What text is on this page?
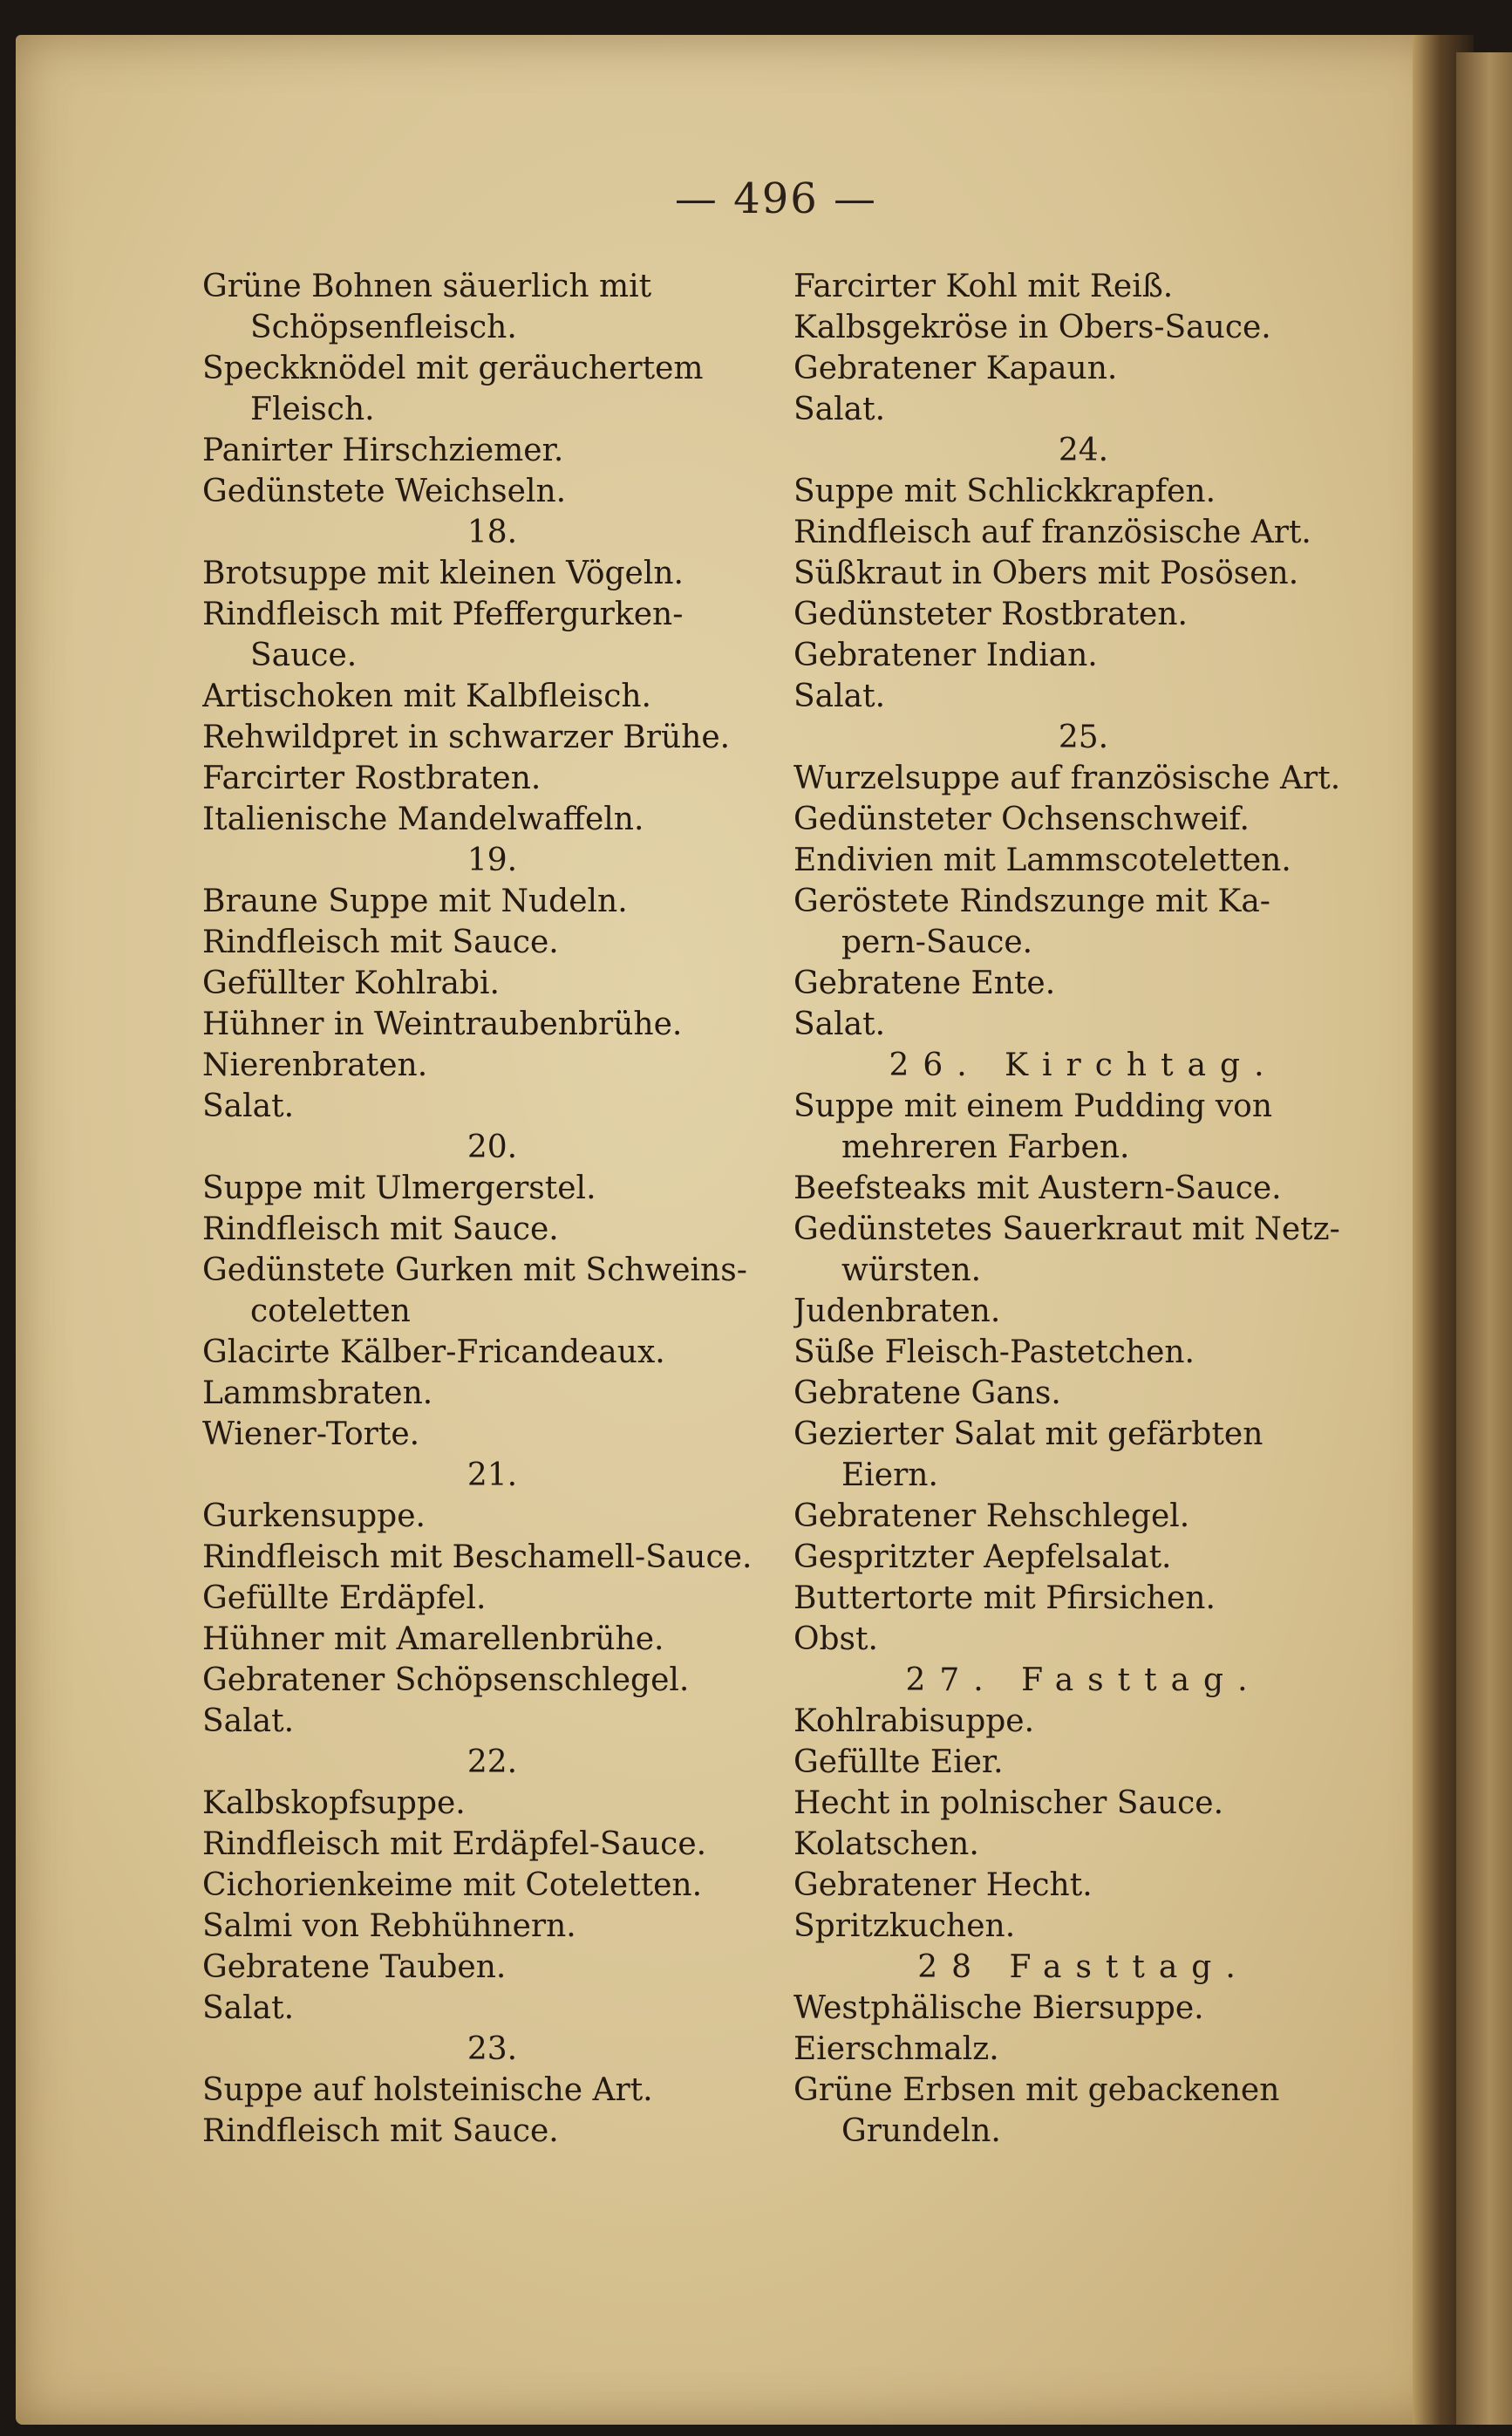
— 496 —
Grüne Bohnen säuerlich mit
Schöpsenfleisch.
Speckknödel mit geräuchertem
Fleisch.
Panirter Hirschziemer.
Gedünstete Weichseln.
18.
Brotsuppe mit kleinen Vögeln.
Rindfleisch mit Pfeffergurken-
Sauce.
Artischoken mit Kalbfleisch.
Rehwildpret in schwarzer Brühe.
Farcirter Rostbraten.
Italienische Mandelwaffeln.
19.
Braune Suppe mit Nudeln.
Rindfleisch mit Sauce.
Gefüllter Kohlrabi.
Hühner in Weintraubenbrühe.
Nierenbraten.
Salat.
20.
Suppe mit Ulmergerstel.
Rindfleisch mit Sauce.
Gedünstete Gurken mit Schweins-
coteletten
Glacirte Kälber-Fricandeaux.
Lammsbraten.
Wiener-Torte.
21.
Gurkensuppe.
Rindfleisch mit Beschamell-Sauce.
Gefüllte Erdäpfel.
Hühner mit Amarellenbrühe.
Gebratener Schöpsenschlegel.
Salat.
22.
Kalbskopfsuppe.
Rindfleisch mit Erdäpfel-Sauce.
Cichorienkeime mit Coteletten.
Salmi von Rebhühnern.
Gebratene Tauben.
Salat.
23.
Suppe auf holsteinische Art.
Rindfleisch mit Sauce.
Farcirter Kohl mit Reiß.
Kalbsgekröse in Obers-Sauce.
Gebratener Kapaun.
Salat.
24.
Suppe mit Schlickkrapfen.
Rindfleisch auf französische Art.
Süßkraut in Obers mit Posösen.
Gedünsteter Rostbraten.
Gebratener Indian.
Salat.
25.
Wurzelsuppe auf französische Art.
Gedünsteter Ochsenschweif.
Endivien mit Lammscoteletten.
Geröstete Rindszunge mit Ka-
pern-Sauce.
Gebratene Ente.
Salat.
26. Kirchtag.
Suppe mit einem Pudding von
mehreren Farben.
Beefsteaks mit Austern-Sauce.
Gedünstetes Sauerkraut mit Netz-
würsten.
Judenbraten.
Süße Fleisch-Pastetchen.
Gebratene Gans.
Gezierter Salat mit gefärbten
Eiern.
Gebratener Rehschlegel.
Gespritzter Aepfelsalat.
Buttertorte mit Pfirsichen.
Obst.
27. Fasttag.
Kohlrabisuppe.
Gefüllte Eier.
Hecht in polnischer Sauce.
Kolatschen.
Gebratener Hecht.
Spritzkuchen.
28 Fasttag.
Westphälische Biersuppe.
Eierschmalz.
Grüne Erbsen mit gebackenen
Grundeln.
